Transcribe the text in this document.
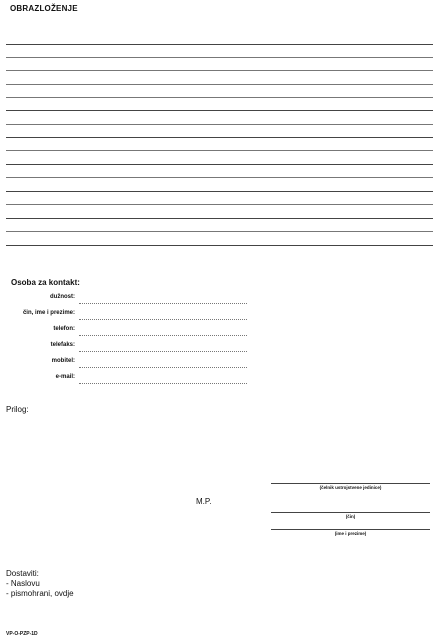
OBRAZLOŽENJE
Osoba za kontakt:
dužnost:
čin, ime i prezime:
telefon:
telefaks:
mobitel:
e-mail:
Prilog:
(čelnik ustrojstvene jedinice)
M.P.
(čin)
(ime i prezime)
Dostaviti:
- Naslovu
- pismohrani, ovdje
VP-O-PZP-1D
